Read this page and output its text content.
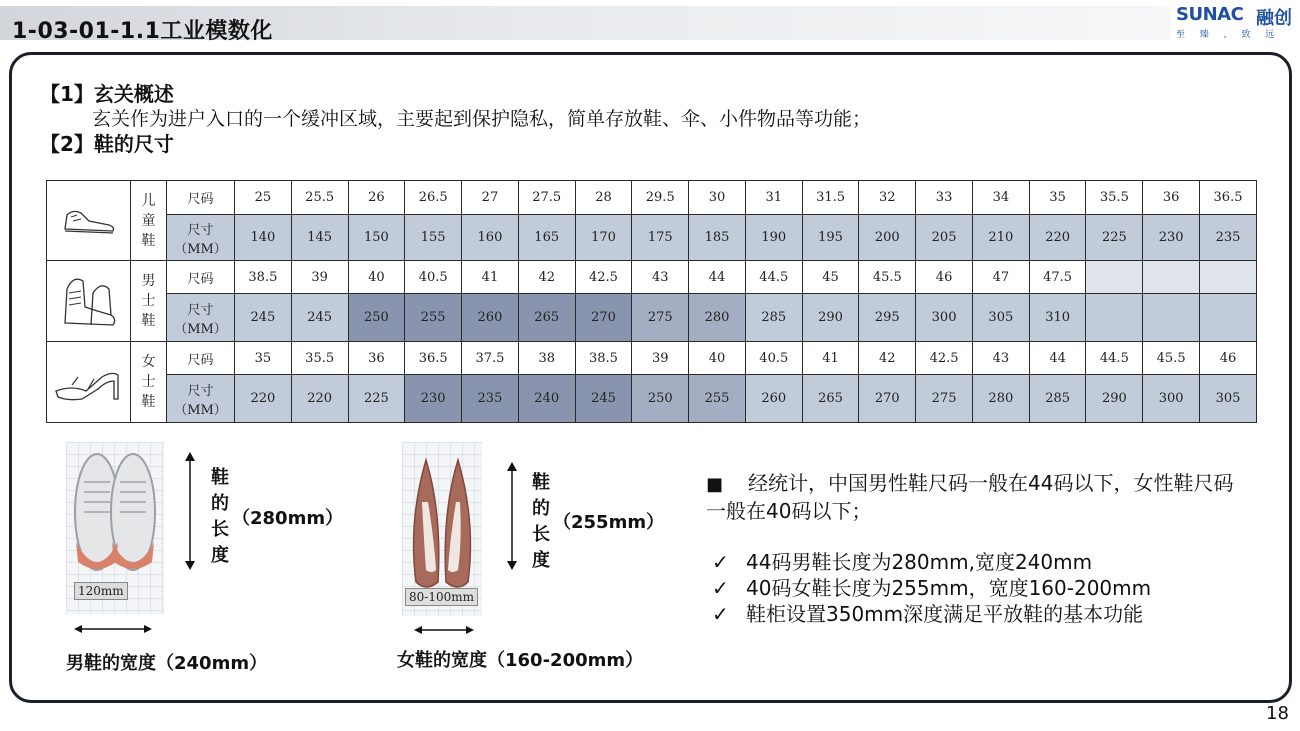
1-03-01-1.1工业模数化
SUNAC 融创
至 臻 , 致 远
【1】玄关概述
玄关作为进户入口的一个缓冲区域，主要起到保护隐私，简单存放鞋、伞、小件物品等功能；
【2】鞋的尺寸

儿
童
鞋	尺码	25	25.5	26	26.5	27	27.5	28	29.5	30	31	31.5	32	33	34	35	35.5	36	36.5
		尺寸（MM）	140	145	150	155	160	165	170	175	185	190	195	200	205	210	220	225	230	235

男
士
鞋	尺码	38.5	39	40	40.5	41	42	42.5	43	44	44.5	45	45.5	46	47	47.5			
		尺寸（MM）	245	245	250	255	260	265	270	275	280	285	290	295	300	305	310			

女
士
鞋	尺码	35	35.5	36	36.5	37.5	38	38.5	39	40	40.5	41	42	42.5	43	44	44.5	45.5	46
		尺寸（MM）	220	220	225	230	235	240	245	250	255	260	265	270	275	280	285	290	300	305
120mm
鞋的长度
（280mm）
男鞋的宽度（240mm）
80-100mm
鞋的长度
（255mm）
女鞋的宽度（160-200mm）
■ 经统计，中国男性鞋尺码一般在44码以下，女性鞋尺码一般在40码以下；
✓ 44码男鞋长度为280mm,宽度240mm
✓ 40码女鞋长度为255mm，宽度160-200mm
✓ 鞋柜设置350mm深度满足平放鞋的基本功能
18
